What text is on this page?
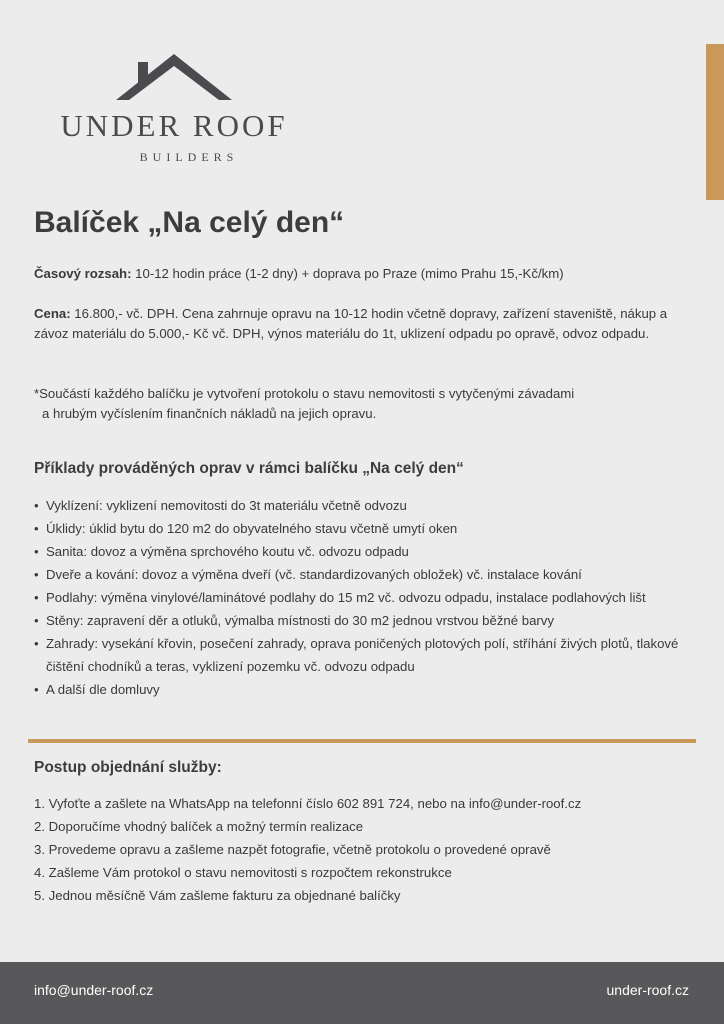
UNDER ROOF
BUILDERS
Balíček „Na celý den“

Časový rozsah: 10-12 hodin práce (1-2 dny) + doprava po Praze (mimo Prahu 15,-Kč/km)

Cena: 16.800,- vč. DPH. Cena zahrnuje opravu na 10-12 hodin včetně dopravy, zařízení staveniště, nákup a závoz materiálu do 5.000,- Kč vč. DPH, výnos materiálu do 1t, uklizení odpadu po opravě, odvoz odpadu.

*Součástí každého balíčku je vytvoření protokolu o stavu nemovitosti s vytyčenými závadami
a hrubým vyčíslením finančních nákladů na jejich opravu.

Příklady prováděných oprav v rámci balíčku „Na celý den“
• Vyklízení: vyklizení nemovitosti do 3t materiálu včetně odvozu
• Úklidy: úklid bytu do 120 m2 do obyvatelného stavu včetně umytí oken
• Sanita: dovoz a výměna sprchového koutu vč. odvozu odpadu
• Dveře a kování: dovoz a výměna dveří (vč. standardizovaných obložek) vč. instalace kování
• Podlahy: výměna vinylové/laminátové podlahy do 15 m2 vč. odvozu odpadu, instalace podlahových lišt
• Stěny: zapravení děr a otluků, výmalba místnosti do 30 m2 jednou vrstvou běžné barvy
• Zahrady: vysekání křovin, posečení zahrady, oprava poničených plotových polí, stříhání živých plotů, tlakové čištění chodníků a teras, vyklizení pozemku vč. odvozu odpadu
• A další dle domluvy
Postup objednání služby:
1. Vyfoťte a zašlete na WhatsApp na telefonní číslo 602 891 724, nebo na info@under-roof.cz
2. Doporučíme vhodný balíček a možný termín realizace
3. Provedeme opravu a zašleme nazpět fotografie, včetně protokolu o provedené opravě
4. Zašleme Vám protokol o stavu nemovitosti s rozpočtem rekonstrukce
5. Jednou měsíčně Vám zašleme fakturu za objednané balíčky
info@under-roof.cz	under-roof.cz
